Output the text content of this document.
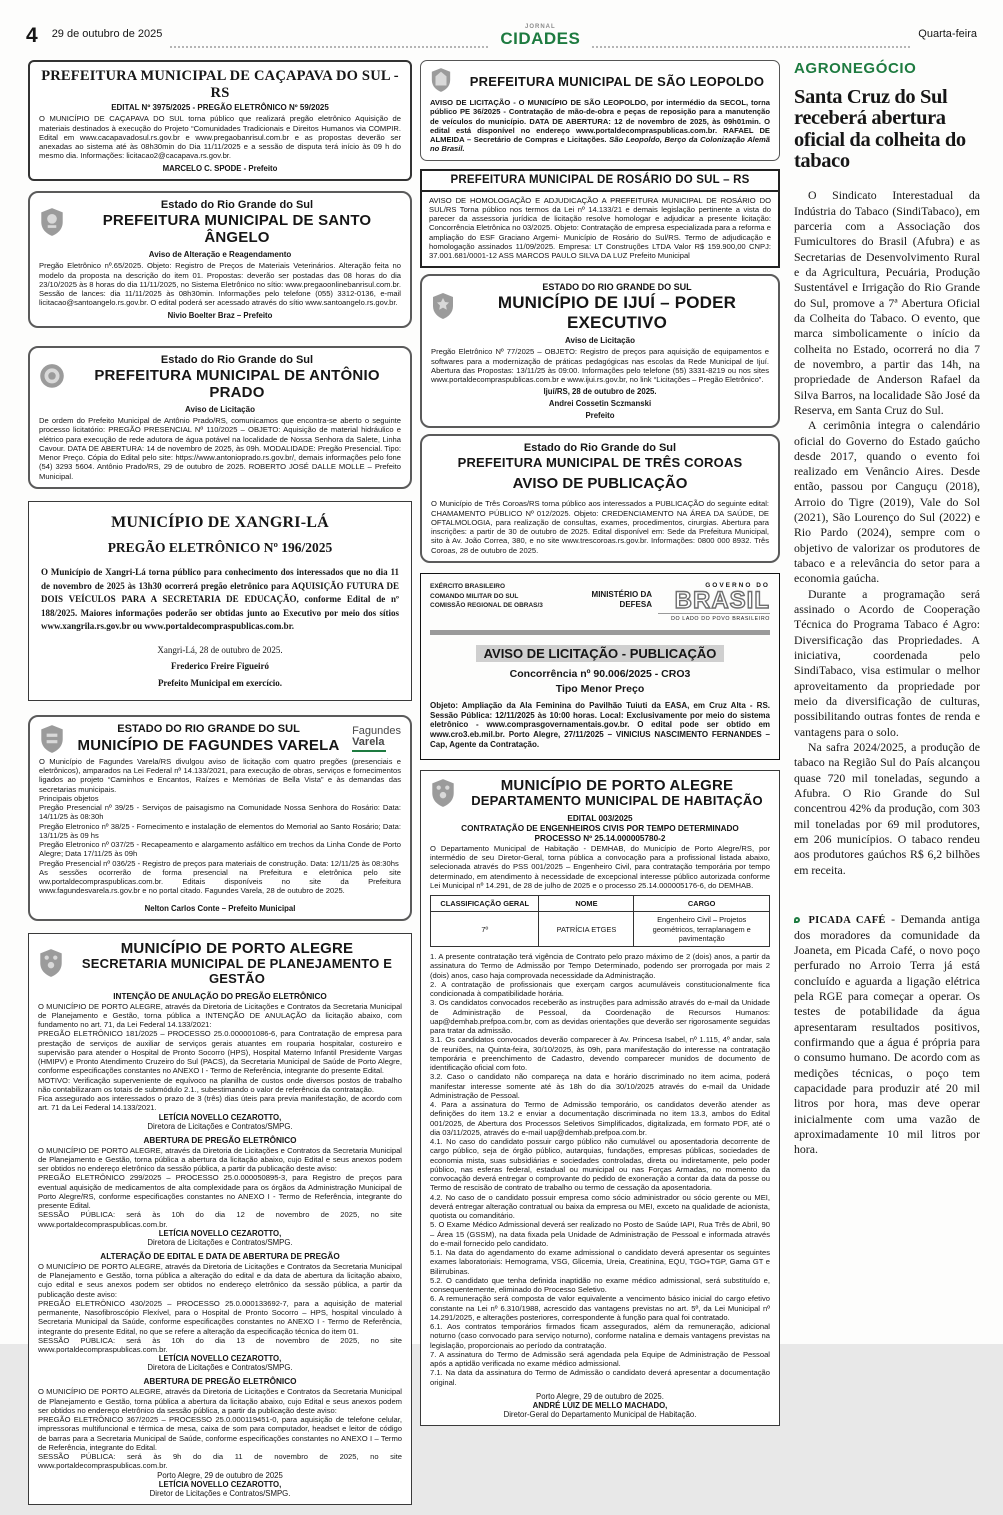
4 29 de outubro de 2025
JORNAL
CIDADES	Quarta-feira
PREFEITURA MUNICIPAL DE CAÇAPAVA DO SUL - RS
EDITAL Nº 3975/2025 - PREGÃO ELETRÔNICO Nº 59/2025

O MUNICÍPIO DE CAÇAPAVA DO SUL torna público que realizará pregão eletrônico Aquisição de materiais destinados à execução do Projeto “Comunidades Tradicionais e Direitos Humanos via COMPIR. Edital em www.cacapavadosul.rs.gov.br e www.pregaobanrisul.com.br e as propostas deverão ser anexadas ao sistema até às 08h30min do Dia 11/11/2025 e a sessão de disputa terá início às 09 h do mesmo dia. Informações: licitacao2@cacapava.rs.gov.br.

MARCELO C. SPODE - Prefeito
Estado do Rio Grande do Sul
PREFEITURA MUNICIPAL DE SANTO ÂNGELO
Aviso de Alteração e Reagendamento

Pregão Eletrônico nº.65/2025. Objeto: Registro de Preços de Materiais Veterinários. Alteração feita no modelo da proposta na descrição do item 01. Propostas: deverão ser postadas das 08 horas do dia 23/10/2025 às 8 horas do dia 11/11/2025, no Sistema Eletrônico no sítio: www.pregaoonlinebanrisul.com.br. Sessão de lances: dia 11/11/2025 às 08h30min. Informações pelo telefone (055) 3312-0136, e-mail licitacao@santoangelo.rs.gov.br. O edital poderá ser acessado através do sítio www.santoangelo.rs.gov.br.

Nivio Boelter Braz – Prefeito
Estado do Rio Grande do Sul
PREFEITURA MUNICIPAL DE ANTÔNIO PRADO
Aviso de Licitação

De ordem do Prefeito Municipal de Antônio Prado/RS, comunicamos que encontra-se aberto o seguinte processo licitatório: PREGÃO PRESENCIAL Nº 110/2025 – OBJETO: Aquisição de material hidráulico e elétrico para execução de rede adutora de água potável na localidade de Nossa Senhora da Salete, Linha Cavour. DATA DE ABERTURA: 14 de novembro de 2025, às 09h. MODALIDADE: Pregão Presencial. Tipo: Menor Preço. Cópia do Edital pelo site: https://www.antonioprado.rs.gov.br/, demais informações pelo fone (54) 3293 5604. Antônio Prado/RS, 29 de outubro de 2025. ROBERTO JOSÉ DALLE MOLLE – Prefeito Municipal.

MUNICÍPIO DE XANGRI-LÁ
PREGÃO ELETRÔNICO Nº 196/2025

O Município de Xangri-Lá torna público para conhecimento dos interessados que no dia 11 de novembro de 2025 às 13h30 ocorrerá pregão eletrônico para AQUISIÇÃO FUTURA DE DOIS VEÍCULOS PARA A SECRETARIA DE EDUCAÇÃO, conforme Edital de nº 188/2025. Maiores informações poderão ser obtidas junto ao Executivo por meio dos sítios www.xangrila.rs.gov.br ou www.portaldecompraspublicas.com.br.

Xangri-Lá, 28 de outubro de 2025.
Frederico Freire Figueiró
Prefeito Municipal em exercício.
ESTADO DO RIO GRANDE DO SUL
MUNICÍPIO DE FAGUNDES VARELA
Fagundes
Varela

O Município de Fagundes Varela/RS divulgou aviso de licitação com quatro pregões (presenciais e eletrônicos), amparados na Lei Federal nº 14.133/2021, para execução de obras, serviços e fornecimentos ligados ao projeto “Caminhos e Encantos, Raízes e Memórias de Bella Vista” e às demandas das secretarias municipais.

Principais objetos

Pregão Presencial nº 39/25 - Serviços de paisagismo na Comunidade Nossa Senhora do Rosário: Data: 14/11/25 às 08:30h

Pregão Eletronico nº 38/25 - Fornecimento e instalação de elementos do Memorial ao Santo Rosário; Data: 13/11/25 às 09 hs

Pregão Eletronico nº 037/25 - Recapeamento e alargamento asfáltico em trechos da Linha Conde de Porto Alegre; Data 17/11/25 às 09h

Pregão Presencial nº 036/25 - Registro de preços para materiais de construção. Data: 12/11/25 às 08:30hs

As sessões ocorrerão de forma presencial na Prefeitura e eletrônica pelo site ww.portaldecompraspublicas.com.br. Editais disponíveis no site da Prefeitura www.fagundesvarela.rs.gov.br e no portal citado. Fagundes Varela, 28 de outubro de 2025.

Nelton Carlos Conte – Prefeito Municipal
MUNICÍPIO DE PORTO ALEGRE
SECRETARIA MUNICIPAL DE PLANEJAMENTO E GESTÃO
INTENÇÃO DE ANULAÇÃO DO PREGÃO ELETRÔNICO

O MUNICÍPIO DE PORTO ALEGRE, através da Diretoria de Licitações e Contratos da Secretaria Municipal de Planejamento e Gestão, torna pública a INTENÇÃO DE ANULAÇÃO da licitação abaixo, com fundamento no art. 71, da Lei Federal 14.133/2021:

PREGÃO ELETRÔNICO 181/2025 – PROCESSO 25.0.000001086-6, para Contratação de empresa para prestação de serviços de auxiliar de serviços gerais atuantes em rouparia hospitalar, costureiro e supervisão para atender o Hospital de Pronto Socorro (HPS), Hospital Materno Infantil Presidente Vargas (HMIPV) e Pronto Atendimento Cruzeiro do Sul (PACS), da Secretaria Municipal de Saúde de Porto Alegre, conforme especificações constantes no ANEXO I - Termo de Referência, integrante do presente Edital.

MOTIVO: Verificação superveniente de equívoco na planilha de custos onde diversos postos de trabalho não contabilizaram os totais de submódulo 2.1., subestimando o valor de referência da contratação.

Fica assegurado aos interessados o prazo de 3 (três) dias úteis para previa manifestação, de acordo com art. 71 da Lei Federal 14.133/2021.

LETÍCIA NOVELLO CEZAROTTO,
Diretora de Licitações e Contratos/SMPG.
ABERTURA DE PREGÃO ELETRÔNICO

O MUNICÍPIO DE PORTO ALEGRE, através da Diretoria de Licitações e Contratos da Secretaria Municipal de Planejamento e Gestão, torna pública a abertura da licitação abaixo, cujo Edital e seus anexos podem ser obtidos no endereço eletrônico da sessão pública, a partir da publicação deste aviso:

PREGÃO ELETRÔNICO 299/2025 – PROCESSO 25.0.000050895-3, para Registro de preços para eventual aquisição de medicamentos de alta complexidade para os órgãos da Administração Municipal de Porto Alegre/RS, conforme especificações constantes no ANEXO I - Termo de Referência, integrante do presente Edital.

SESSÃO PÚBLICA: será às 10h do dia 12 de novembro de 2025, no site www.portaldecompraspublicas.com.br.

LETÍCIA NOVELLO CEZAROTTO,
Diretora de Licitações e Contratos/SMPG.
ALTERAÇÃO DE EDITAL E DATA DE ABERTURA DE PREGÃO

O MUNICÍPIO DE PORTO ALEGRE, através da Diretoria de Licitações e Contratos da Secretaria Municipal de Planejamento e Gestão, torna pública a alteração do edital e da data de abertura da licitação abaixo, cujo edital e seus anexos podem ser obtidos no endereço eletrônico da sessão pública, a partir da publicação deste aviso:

PREGÃO ELETRÔNICO 430/2025 – PROCESSO 25.0.000133692-7, para a aquisição de material permanente, Nasofibroscópio Flexível, para o Hospital de Pronto Socorro – HPS, hospital vinculado à Secretaria Municipal da Saúde, conforme especificações constantes no ANEXO I - Termo de Referência, integrante do presente Edital, no que se refere a alteração da especificação técnica do item 01.

SESSÃO PÚBLICA: será às 10h do dia 13 de novembro de 2025, no site www.portaldecompraspublicas.com.br.

LETÍCIA NOVELLO CEZAROTTO,
Diretora de Licitações e Contratos/SMPG.
ABERTURA DE PREGÃO ELETRÔNICO

O MUNICÍPIO DE PORTO ALEGRE, através da Diretoria de Licitações e Contratos da Secretaria Municipal de Planejamento e Gestão, torna pública a abertura da licitação abaixo, cujo Edital e seus anexos podem ser obtidos no endereço eletrônico da sessão pública, a partir da publicação deste aviso:

PREGÃO ELETRÔNICO 367/2025 – PROCESSO 25.0.000119451-0, para aquisição de telefone celular, impressoras multifuncional e térmica de mesa, caixa de som para computador, headset e leitor de código de barras para a Secretaria Municipal de Saúde, conforme especificações constantes no ANEXO I – Termo de Referência, integrante do Edital.

SESSÃO PÚBLICA: será às 9h do dia 11 de novembro de 2025, no site www.portaldecompraspublicas.com.br.

Porto Alegre, 29 de outubro de 2025
LETÍCIA NOVELLO CEZAROTTO,
Diretor de Licitações e Contratos/SMPG.
PREFEITURA MUNICIPAL DE SÃO LEOPOLDO

AVISO DE LICITAÇÃO - O MUNICÍPIO DE SÃO LEOPOLDO, por intermédio da SECOL, torna público PE 36/2025 - Contratação de mão-de-obra e peças de reposição para a manutenção de veículos do município. DATA DE ABERTURA: 12 de novembro de 2025, às 09h01min. O edital está disponível no endereço www.portaldecompraspublicas.com.br. RAFAEL DE ALMEIDA – Secretário de Compras e Licitações. São Leopoldo, Berço da Colonização Alemã no Brasil.

PREFEITURA MUNICIPAL DE ROSÁRIO DO SUL – RS

AVISO DE HOMOLOGAÇÃO E ADJUDICAÇÃO A PREFEITURA MUNICIPAL DE ROSÁRIO DO SUL/RS Torna público nos termos da Lei nº 14.133/21 e demais legislação pertinente a vista do parecer da assessoria jurídica de licitação resolve homologar e adjudicar a presente licitação: Concorrência Eletrônica no 03/2025. Objeto: Contratação de empresa especializada para a reforma e ampliação do ESF Graciano Argemi- Município de Rosário do Sul/RS. Termo de adjudicação e homologação assinados 11/09/2025. Empresa: LT Construções LTDA Valor R$ 159.900,00 CNPJ: 37.001.681/0001-12 ASS MARCOS PAULO SILVA DA LUZ Prefeito Municipal

ESTADO DO RIO GRANDE DO SUL
MUNICÍPIO DE IJUÍ – PODER EXECUTIVO
Aviso de Licitação

Pregão Eletrônico Nº 77/2025 – OBJETO: Registro de preços para aquisição de equipamentos e softwares para a modernização de práticas pedagógicas nas escolas da Rede Municipal de Ijuí. Abertura das Propostas: 13/11/25 às 09:00. Informações pelo telefone (55) 3331-8219 ou nos sites www.portaldecompraspublicas.com.br e www.ijui.rs.gov.br, no link “Licitações – Pregão Eletrônico”.

Ijuí/RS, 28 de outubro de 2025.
Andrei Cossetin Sczmanski
Prefeito
Estado do Rio Grande do Sul
PREFEITURA MUNICIPAL DE TRÊS COROAS
AVISO DE PUBLICAÇÃO

O Município de Três Coroas/RS torna público aos interessados a PUBLICAÇÃO do seguinte edital: CHAMAMENTO PÚBLICO Nº 012/2025. Objeto: CREDENCIAMENTO NA ÁREA DA SAÚDE, DE OFTALMOLOGIA, para realização de consultas, exames, procedimentos, cirurgias. Abertura para inscrições: a partir de 30 de outubro de 2025. Edital disponível em: Sede da Prefeitura Municipal, sito à Av. João Correa, 380, e no site www.trescoroas.rs.gov.br. Informações: 0800 000 8932. Três Coroas, 28 de outubro de 2025.

EXÉRCITO BRASILEIRO
COMANDO MILITAR DO SUL
COMISSÃO REGIONAL DE OBRAS/3
MINISTÉRIO DA
DEFESA
GOVERNO DO
BRASIL
DO LADO DO POVO BRASILEIRO
AVISO DE LICITAÇÃO - PUBLICAÇÃO
Concorrência nº 90.006/2025 - CRO3
Tipo Menor Preço

Objeto: Ampliação da Ala Feminina do Pavilhão Tuiuti da EASA, em Cruz Alta - RS. Sessão Pública: 12/11/2025 às 10:00 horas. Local: Exclusivamente por meio do sistema eletrônico - www.comprasgovernamentais.gov.br. O edital pode ser obtido em www.cro3.eb.mil.br. Porto Alegre, 27/11/2025 – VINICIUS NASCIMENTO FERNANDES – Cap, Agente da Contratação.

MUNICÍPIO DE PORTO ALEGRE
DEPARTAMENTO MUNICIPAL DE HABITAÇÃO
EDITAL 003/2025
CONTRATAÇÃO DE ENGENHEIROS CIVIS POR TEMPO DETERMINADO
PROCESSO Nº 25.14.000005780-2

O Departamento Municipal de Habitação - DEMHAB, do Município de Porto Alegre/RS, por intermédio de seu Diretor-Geral, torna pública a convocação para a profissional listada abaixo, selecionada através do PSS 001/2025 – Engenheiro Civil, para contratação temporária por tempo determinado, em atendimento à necessidade de excepcional interesse público autorizada conforme Lei Municipal nº 14.291, de 28 de julho de 2025 e o processo 25.14.000005176-6, do DEMHAB.

CLASSIFICAÇÃO GERAL	NOME	CARGO
7º	PATRÍCIA ETGES	Engenheiro Civil – Projetos geométricos, terraplanagem e pavimentação

1. A presente contratação terá vigência de Contrato pelo prazo máximo de 2 (dois) anos, a partir da assinatura do Termo de Admissão por Tempo Determinado, podendo ser prorrogada por mais 2 (dois) anos, caso haja comprovada necessidade da Administração.

2. A contratação de profissionais que exerçam cargos acumuláveis constitucionalmente fica condicionada à compatibilidade horária.

3. Os candidatos convocados receberão as instruções para admissão através do e-mail da Unidade de Administração de Pessoal, da Coordenação de Recursos Humanos: uap@demhab.prefpoa.com.br, com as devidas orientações que deverão ser rigorosamente seguidas para tratar da admissão.

3.1. Os candidatos convocados deverão comparecer à Av. Princesa Isabel, nº 1.115, 4º andar, sala de reuniões, na Quinta-feira, 30/10/2025, às 09h, para manifestação do interesse na contratação temporária e preenchimento de Cadastro, devendo comparecer munidos de documento de identificação oficial com foto.

3.2. Caso o candidato não compareça na data e horário discriminado no item acima, poderá manifestar interesse somente até às 18h do dia 30/10/2025 através do e-mail da Unidade Administração de Pessoal.

4. Para a assinatura do Termo de Admissão temporário, os candidatos deverão atender as definições do item 13.2 e enviar a documentação discriminada no item 13.3, ambos do Edital 001/2025, de Abertura dos Processos Seletivos Simplificados, digitalizada, em formato PDF, até o dia 03/11/2025, através do e-mail uap@demhab.prefpoa.com.br.

4.1. No caso do candidato possuir cargo público não cumulável ou aposentadoria decorrente de cargo público, seja de órgão público, autarquias, fundações, empresas públicas, sociedades de economia mista, suas subsidiárias e sociedades controladas, direta ou indiretamente, pelo poder público, nas esferas federal, estadual ou municipal ou nas Forças Armadas, no momento da convocação deverá entregar o comprovante do pedido de exoneração a contar da data da posse ou Termo de rescisão de contrato de trabalho ou termo de cessação da aposentadoria.

4.2. No caso de o candidato possuir empresa como sócio administrador ou sócio gerente ou MEI, deverá entregar alteração contratual ou baixa da empresa ou MEI, exceto na qualidade de acionista, quotista ou comanditário.

5. O Exame Médico Admissional deverá ser realizado no Posto de Saúde IAPI, Rua Três de Abril, 90 – Área 15 (GSSM), na data fixada pela Unidade de Administração de Pessoal e informada através do e-mail fornecido pelo candidato.

5.1. Na data do agendamento do exame admissional o candidato deverá apresentar os seguintes exames laboratoriais: Hemograma, VSG, Glicemia, Ureia, Creatinina, EQU, TGO+TGP, Gama GT e Bilirrubinas.

5.2. O candidato que tenha definida inaptidão no exame médico admissional, será substituído e, consequentemente, eliminado do Processo Seletivo.

6. A remuneração será composta de valor equivalente a vencimento básico inicial do cargo efetivo constante na Lei nº 6.310/1988, acrescido das vantagens previstas no art. 5º, da Lei Municipal nº 14.291/2025, e alterações posteriores, correspondente à função para qual foi contratado.

6.1. Aos contratos temporários firmados ficam assegurados, além da remuneração, adicional noturno (caso convocado para serviço noturno), conforme natalina e demais vantagens previstas na legislação, proporcionais ao período da contratação.

7. A assinatura do Termo de Admissão será agendada pela Equipe de Administração de Pessoal após a aptidão verificada no exame médico admissional.

7.1. Na data da assinatura do Termo de Admissão o candidato deverá apresentar a documentação original.

Porto Alegre, 29 de outubro de 2025.
ANDRÉ LUIZ DE MELLO MACHADO,
Diretor-Geral do Departamento Municipal de Habitação.
AGRONEGÓCIO
Santa Cruz do Sul receberá abertura oficial da colheita do tabaco

O Sindicato Interestadual da Indústria do Tabaco (SindiTabaco), em parceria com a Associação dos Fumicultores do Brasil (Afubra) e as Secretarias de Desenvolvimento Rural e da Agricultura, Pecuária, Produção Sustentável e Irrigação do Rio Grande do Sul, promove a 7ª Abertura Oficial da Colheita do Tabaco. O evento, que marca simbolicamente o início da colheita no Estado, ocorrerá no dia 7 de novembro, a partir das 14h, na propriedade de Anderson Rafael da Silva Barros, na localidade São José da Reserva, em Santa Cruz do Sul.

A cerimônia integra o calendário oficial do Governo do Estado gaúcho desde 2017, quando o evento foi realizado em Venâncio Aires. Desde então, passou por Canguçu (2018), Arroio do Tigre (2019), Vale do Sol (2021), São Lourenço do Sul (2022) e Rio Pardo (2024), sempre com o objetivo de valorizar os produtores de tabaco e a relevância do setor para a economia gaúcha.

Durante a programação será assinado o Acordo de Cooperação Técnica do Programa Tabaco é Agro: Diversificação das Propriedades. A iniciativa, coordenada pelo SindiTabaco, visa estimular o melhor aproveitamento da propriedade por meio da diversificação de culturas, possibilitando outras fontes de renda e vantagens para o solo.

Na safra 2024/2025, a produção de tabaco na Região Sul do País alcançou quase 720 mil toneladas, segundo a Afubra. O Rio Grande do Sul concentrou 42% da produção, com 303 mil toneladas por 69 mil produtores, em 206 municípios. O tabaco rendeu aos produtores gaúchos R$ 6,2 bilhões em receita.

PICADA CAFÉ - Demanda antiga dos moradores da comunidade da Joaneta, em Picada Café, o novo poço perfurado no Arroio Terra já está concluído e aguarda a ligação elétrica pela RGE para começar a operar. Os testes de potabilidade da água apresentaram resultados positivos, confirmando que a água é própria para o consumo humano. De acordo com as medições técnicas, o poço tem capacidade para produzir até 20 mil litros por hora, mas deve operar inicialmente com uma vazão de aproximadamente 10 mil litros por hora.
